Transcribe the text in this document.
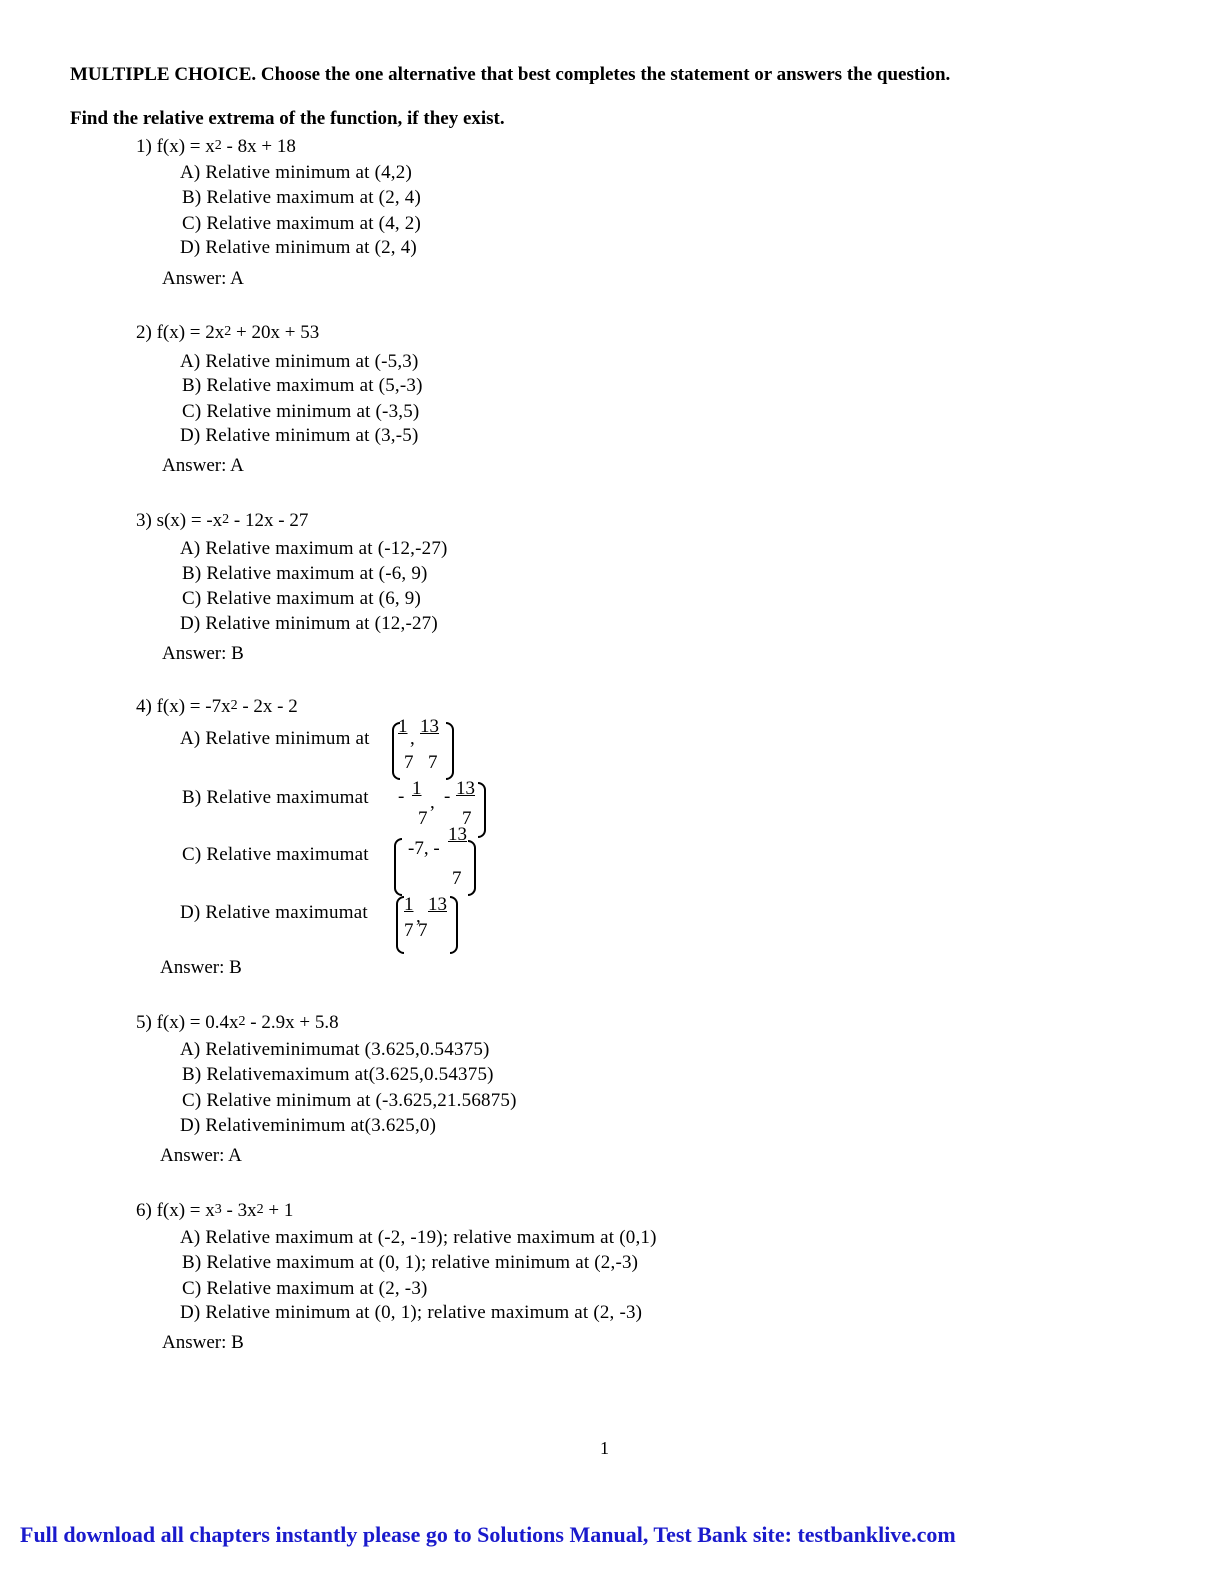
MULTIPLE CHOICE. Choose the one alternative that best completes the statement or answers the question.
Find the relative extrema of the function, if they exist.
1) $f(x) = x^2 - 8x + 18$
A) Relative minimum at (4,2)
B) Relative maximum at (2, 4)
C) Relative maximum at (4, 2)
D) Relative minimum at (2, 4)
Answer: A
2) $f(x) = 2x^2 + 20x + 53$
A) Relative minimum at (-5,3)
B) Relative maximum at (5,-3)
C) Relative minimum at (-3,5)
D) Relative minimum at (3,-5)
Answer: A
3) $s(x) = -x^2 - 12x - 27$
A) Relative maximum at (-12,-27)
B) Relative maximum at (-6, 9)
C) Relative maximum at (6, 9)
D) Relative minimum at (12,-27)
Answer: B
4) $f(x) = -7x^2 - 2x - 2$
A) Relative minimum at
1
,
13
7 7
B) Relative maximumat - 1
, - 13
7 7
C) Relative maximumat -7, -
13
7
D) Relative maximumat 1
,
13
7 7
Answer: B
5) $f(x) = 0.4x^2 - 2.9x + 5.8$
A) Relativeminimumat (3.625,0.54375)
B) Relativemaximum at(3.625,0.54375)
C) Relative minimum at (-3.625,21.56875)
D) Relativeminimum at(3.625,0)
Answer: A
6) $f(x) = x^3 - 3x^2 + 1$
A) Relative maximum at (-2, -19); relative maximum at (0,1)
B) Relative maximum at (0, 1); relative minimum at (2,-3)
C) Relative maximum at (2, -3)
D) Relative minimum at (0, 1); relative maximum at (2, -3)
Answer: B
1
Full download all chapters instantly please go to Solutions Manual, Test Bank site: testbanklive.com
